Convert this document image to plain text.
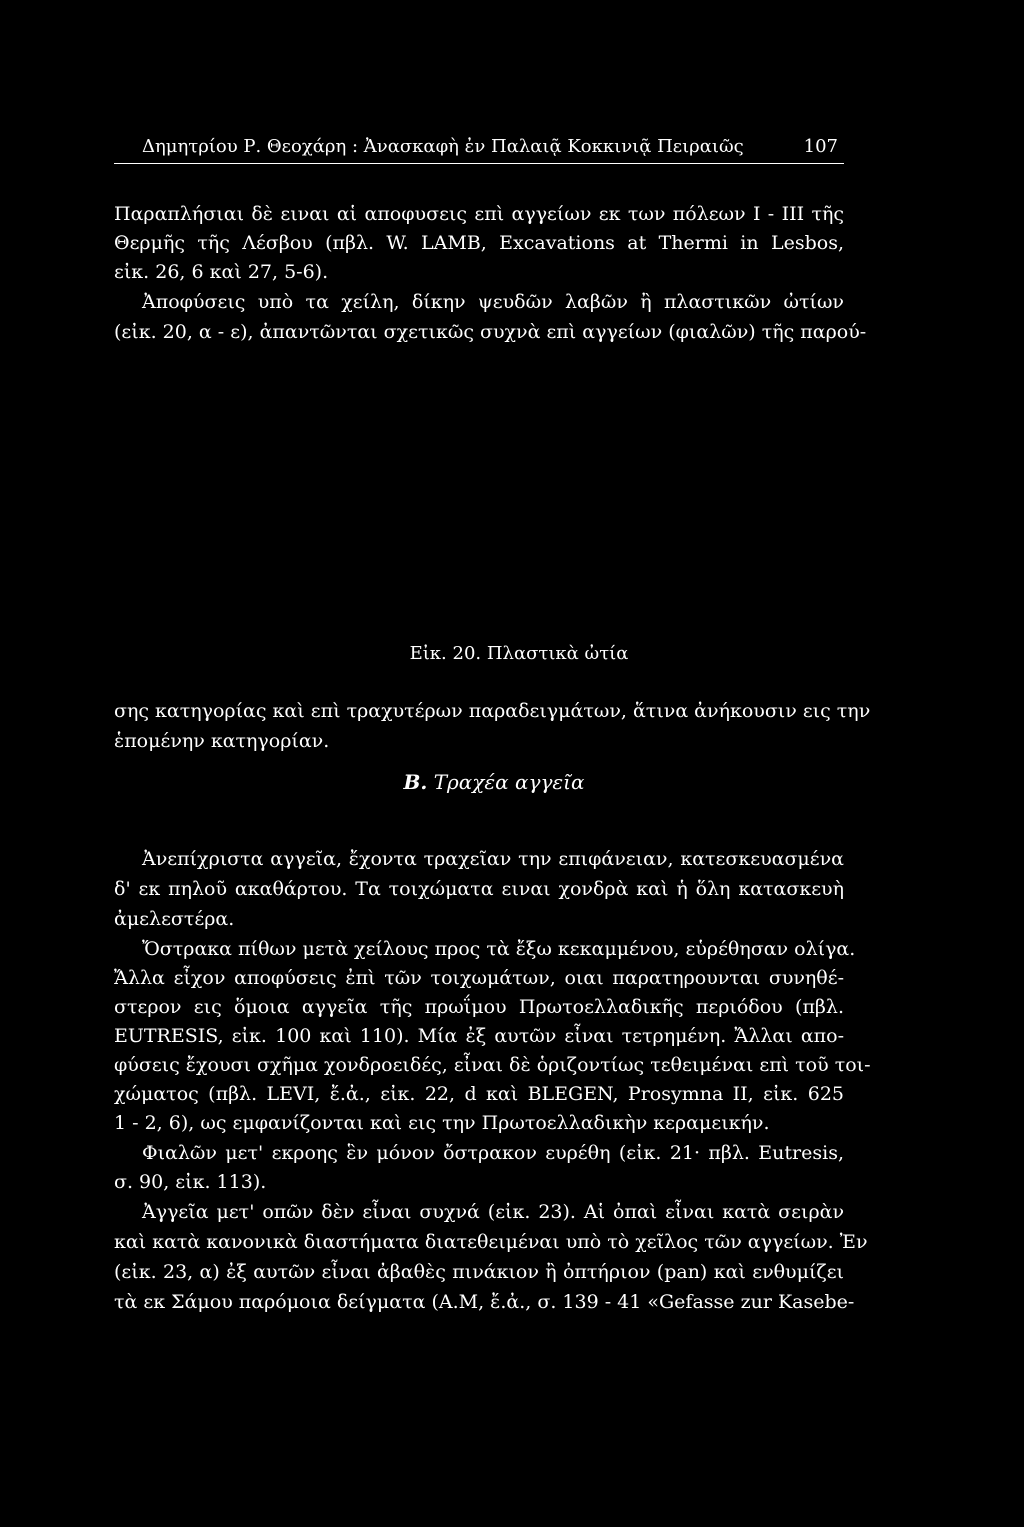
Δημητρίου Ρ. Θεοχάρη : Ἀνασκαφὴ ἐν Παλαιᾷ Κοκκινιᾷ Πειραιῶς	107
Παραπλήσιαι δὲ ειναι αἱ αποφυσεις επὶ αγγείων εκ των πόλεων I - III τῆς
Θερμῆς τῆς Λέσβου (πβλ. W. LAMB, Excavations at Thermi in Lesbos,
εἰκ. 26, 6 καὶ 27, 5-6).
Ἀποφύσεις υπὸ τα χείλη, δίκην ψευδῶν λαβῶν ἢ πλαστικῶν ὠτίων
(εἰκ. 20, α - ε), ἀπαντῶνται σχετικῶς συχνὰ επὶ αγγείων (φιαλῶν) τῆς παρού-
Εἰκ. 20. Πλαστικὰ ὠτία
σης κατηγορίας καὶ επὶ τραχυτέρων παραδειγμάτων, ἅτινα ἀνήκουσιν εις την
ἑπομένην κατηγορίαν.
Β. Τραχέα αγγεῖα
Ἀνεπίχριστα αγγεῖα, ἔχοντα τραχεῖαν την επιφάνειαν, κατεσκευασμένα
δ' εκ πηλοῦ ακαθάρτου. Τα τοιχώματα ειναι χονδρὰ καὶ ἡ ὅλη κατασκευὴ
ἀμελεστέρα.
Ὄστρακα πίθων μετὰ χείλους προς τὰ ἔξω κεκαμμένου, εὑρέθησαν ολίγα.
Ἄλλα εἶχον αποφύσεις ἐπὶ τῶν τοιχωμάτων, οιαι παρατηρουνται συνηθέ-
στερον εις ὅμοια αγγεῖα τῆς πρωΐμου Πρωτοελλαδικῆς περιόδου (πβλ.
EUTRESIS, εἰκ. 100 καὶ 110). Μία ἐξ αυτῶν εἶναι τετρημένη. Ἄλλαι απο-
φύσεις ἔχουσι σχῆμα χονδροειδές, εἶναι δὲ ὁριζοντίως τεθειμέναι επὶ τοῦ τοι-
χώματος (πβλ. LEVI, ἔ.ἀ., εἰκ. 22, d καὶ BLEGEN, Prosymna II, εἰκ. 625
1 - 2, 6), ως εμφανίζονται καὶ εις την Πρωτοελλαδικὴν κεραμεικήν.
Φιαλῶν μετ' εκροης ἓν μόνον ὄστρακον ευρέθη (εἰκ. 21· πβλ. Eutresis,
σ. 90, εἰκ. 113).
Ἀγγεῖα μετ' οπῶν δὲν εἶναι συχνά (εἰκ. 23). Αἱ ὀπαὶ εἶναι κατὰ σειρὰν
καὶ κατὰ κανονικὰ διαστήματα διατεθειμέναι υπὸ τὸ χεῖλος τῶν αγγείων. Ἐν
(εἰκ. 23, α) ἐξ αυτῶν εἶναι ἀβαθὲς πινάκιον ἢ ὀπτήριον (pan) καὶ ενθυμίζει
τὰ εκ Σάμου παρόμοια δείγματα (Α.Μ, ἔ.ἀ., σ. 139 - 41 «Gefasse zur Kasebe-
